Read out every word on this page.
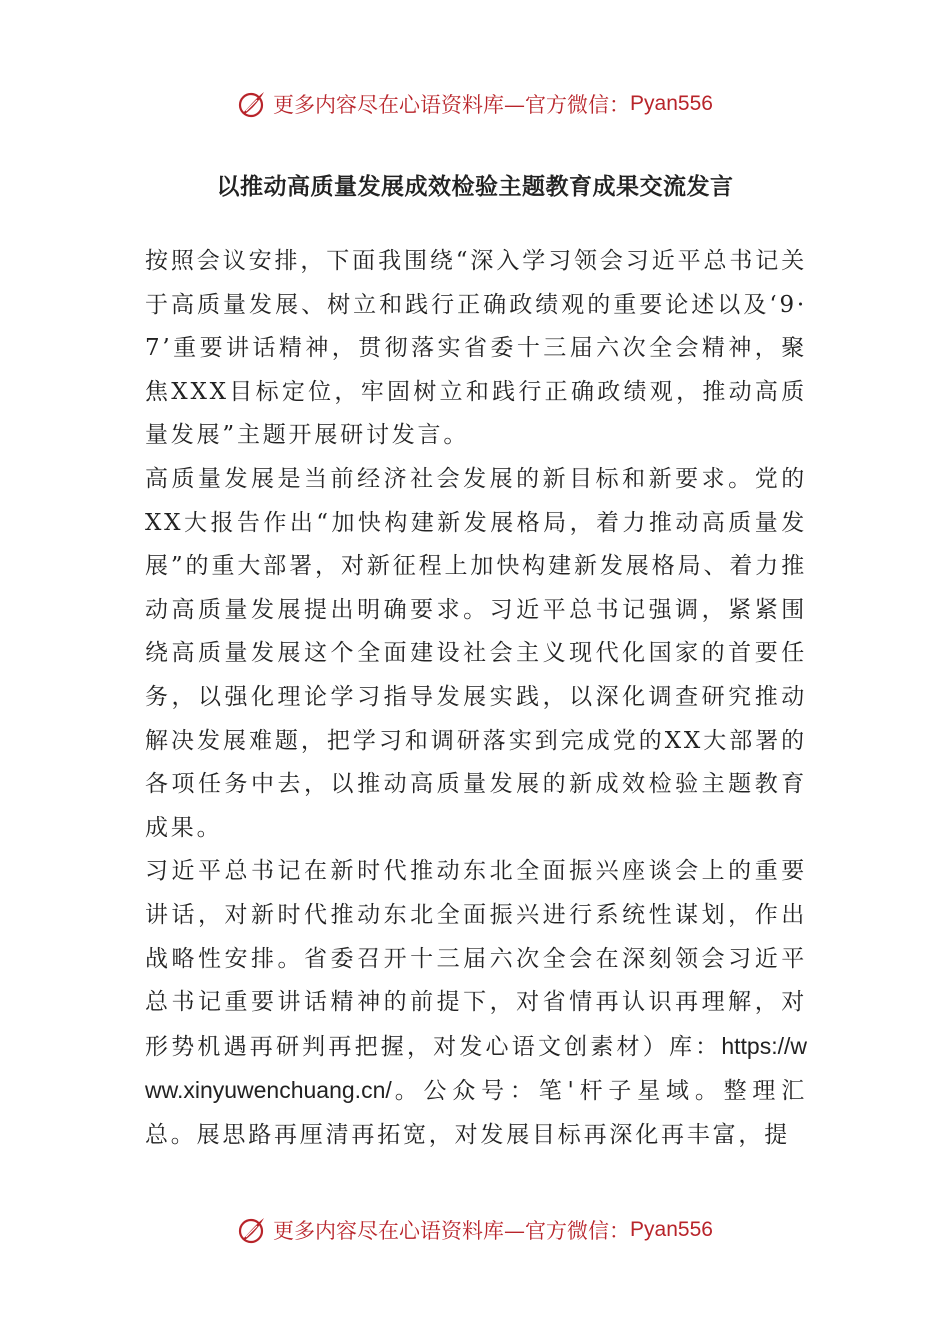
更多内容尽在心语资料库—官方微信： Pyan556
以推动高质量发展成效检验主题教育成果交流发言

按照会议安排，下面我围绕“深入学习领会习近平总书记关于高质量发展、树立和践行正确政绩观的重要论述以及‘9·7’重要讲话精神，贯彻落实省委十三届六次全会精神，聚焦XXX目标定位，牢固树立和践行正确政绩观，推动高质量发展”主题开展研讨发言。

高质量发展是当前经济社会发展的新目标和新要求。党的XX大报告作出“加快构建新发展格局，着力推动高质量发展”的重大部署，对新征程上加快构建新发展格局、着力推动高质量发展提出明确要求。习近平总书记强调，紧紧围绕高质量发展这个全面建设社会主义现代化国家的首要任务，以强化理论学习指导发展实践，以深化调查研究推动解决发展难题，把学习和调研落实到完成党的XX大部署的各项任务中去，以推动高质量发展的新成效检验主题教育成果。

习近平总书记在新时代推动东北全面振兴座谈会上的重要讲话，对新时代推动东北全面振兴进行系统性谋划，作出战略性安排。省委召开十三届六次全会在深刻领会习近平总书记重要讲话精神的前提下，对省情再认识再理解，对形势机遇再研判再把握，对发心语文创素材）库：https://www.xinyuwenchuang.cn/。公众号：笔'杆子星域。整理汇总。展思路再厘清再拓宽，对发展目标再深化再丰富，提

更多内容尽在心语资料库—官方微信： Pyan556
